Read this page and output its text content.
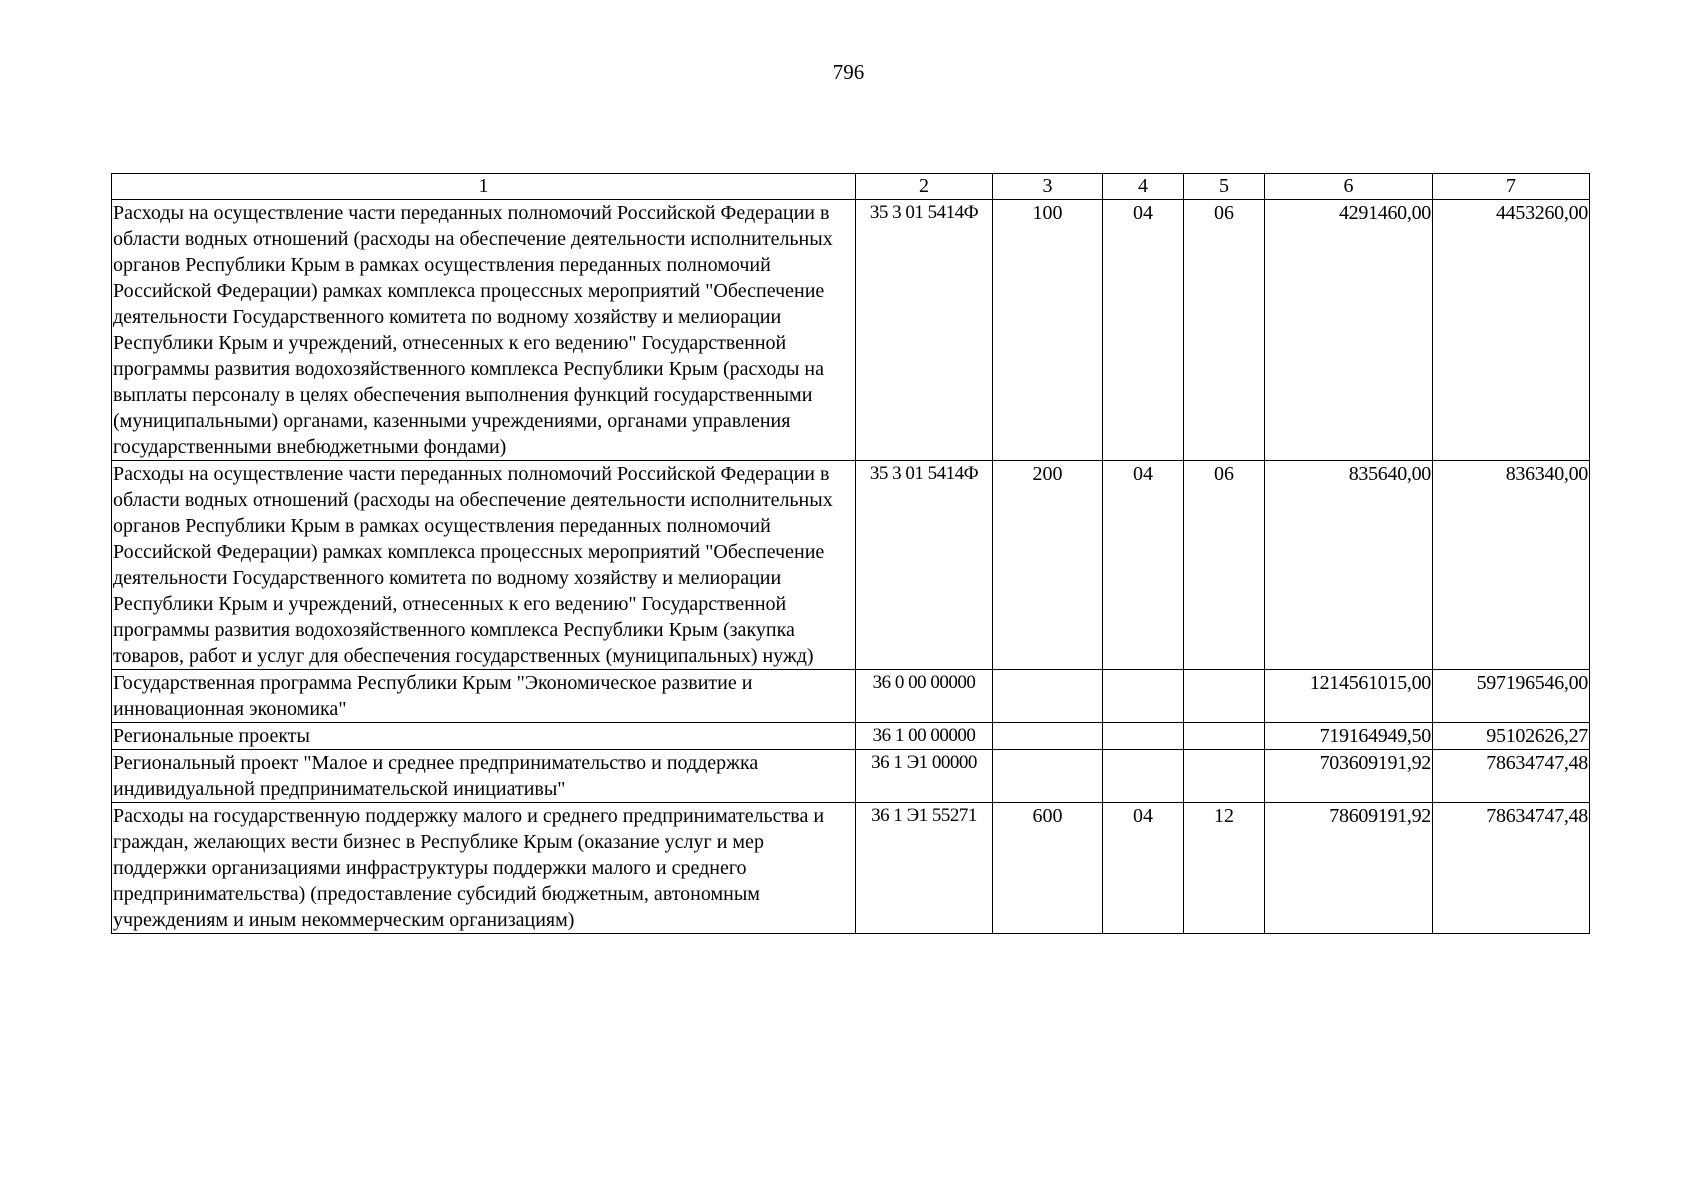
796
1	2	3	4	5	6	7
Расходы на осуществление части переданных полномочий Российской Федерации в области водных отношений (расходы на обеспечение деятельности исполнительных органов Республики Крым в рамках осуществления переданных полномочий Российской Федерации) рамках комплекса процессных мероприятий "Обеспечение деятельности Государственного комитета по водному хозяйству и мелиорации Республики Крым и учреждений, отнесенных к его ведению" Государственной программы развития водохозяйственного комплекса Республики Крым (расходы на выплаты персоналу в целях обеспечения выполнения функций государственными (муниципальными) органами, казенными учреждениями, органами управления государственными внебюджетными фондами)	35 3 01 5414Ф	100	04	06	4291460,00	4453260,00
Расходы на осуществление части переданных полномочий Российской Федерации в области водных отношений (расходы на обеспечение деятельности исполнительных органов Республики Крым в рамках осуществления переданных полномочий Российской Федерации) рамках комплекса процессных мероприятий "Обеспечение деятельности Государственного комитета по водному хозяйству и мелиорации Республики Крым и учреждений, отнесенных к его ведению" Государственной программы развития водохозяйственного комплекса Республики Крым (закупка товаров, работ и услуг для обеспечения государственных (муниципальных) нужд)	35 3 01 5414Ф	200	04	06	835640,00	836340,00
Государственная программа Республики Крым "Экономическое развитие и инновационная экономика"	36 0 00 00000				1214561015,00	597196546,00
Региональные проекты	36 1 00 00000				719164949,50	95102626,27
Региональный проект "Малое и среднее предпринимательство и поддержка индивидуальной предпринимательской инициативы"	36 1 Э1 00000				703609191,92	78634747,48
Расходы на государственную поддержку малого и среднего предпринимательства и граждан, желающих вести бизнес в Республике Крым (оказание услуг и мер поддержки организациями инфраструктуры поддержки малого и среднего предпринимательства) (предоставление субсидий бюджетным, автономным учреждениям и иным некоммерческим организациям)	36 1 Э1 55271	600	04	12	78609191,92	78634747,48
